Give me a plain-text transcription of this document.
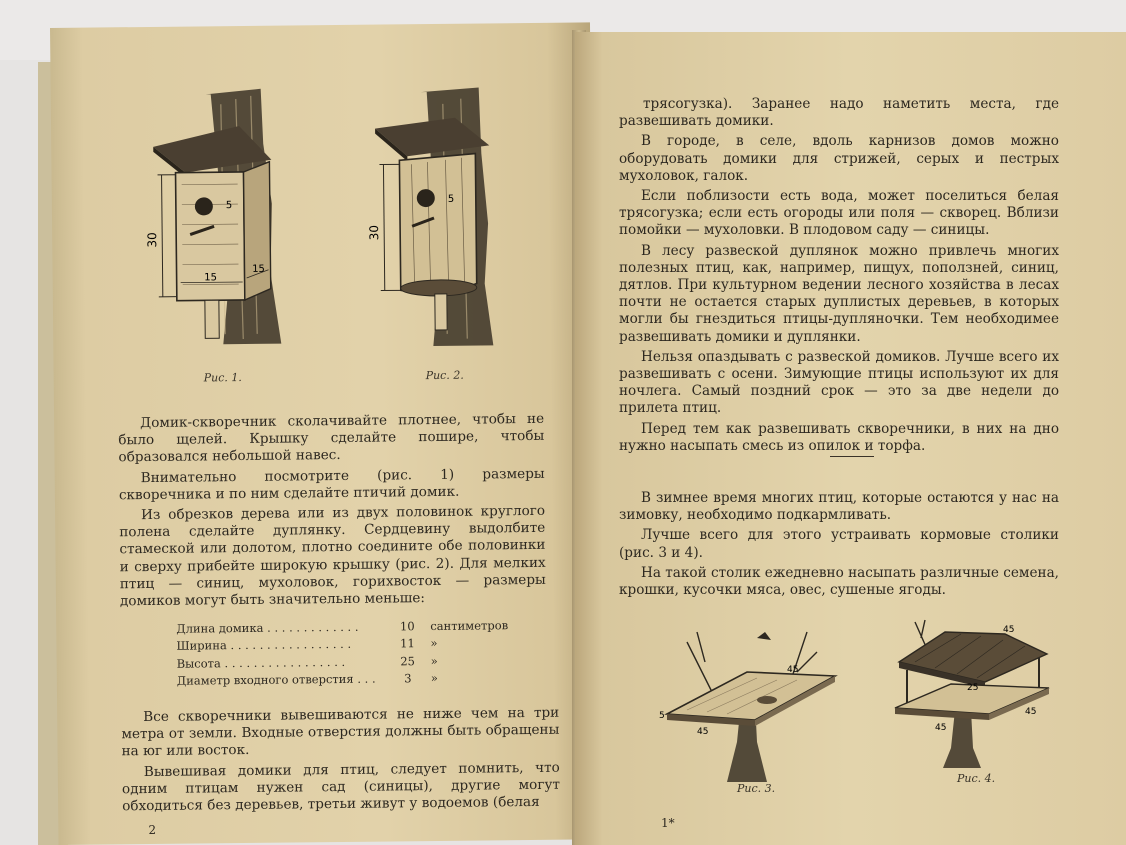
30
15
15
5
Рис. 1.
30
5
Рис. 2.

Домик-скворечник сколачивайте плотнее, чтобы не было щелей. Крышку сделайте пошире, чтобы образовался небольшой навес.

Внимательно посмотрите (рис. 1) размеры скворечника и по ним сделайте птичий домик.

Из обрезков дерева или из двух половинок круглого полена сделайте дуплянку. Сердцевину выдолбите стамеской или долотом, плотно соедините обе половинки и сверху прибейте широкую крышку (рис. 2). Для мелких птиц — синиц, мухоловок, горихвосток — размеры домиков могут быть значительно меньше:

Длина домика . . . . . . . . . . . . .	10	сантиметров
Ширина . . . . . . . . . . . . . . . . .	11	»
Высота . . . . . . . . . . . . . . . . .	25	»
Диаметр входного отверстия . . .	3	»

Все скворечники вывешиваются не ниже чем на три метра от земли. Входные отверстия должны быть обращены на юг или восток.

Вывешивая домики для птиц, следует помнить, что одним птицам нужен сад (синицы), другие могут обходиться без деревьев, третьи живут у водоемов (белая

2

трясогузка). Заранее надо наметить места, где развешивать домики.

В городе, в селе, вдоль карнизов домов можно оборудовать домики для стрижей, серых и пестрых мухоловок, галок.

Если поблизости есть вода, может поселиться белая трясогузка; если есть огороды или поля — скворец. Вблизи помойки — мухоловки. В плодовом саду — синицы.

В лесу развеской дуплянок можно привлечь многих полезных птиц, как, например, пищух, поползней, синиц, дятлов. При культурном ведении лесного хозяйства в лесах почти не остается старых дуплистых деревьев, в которых могли бы гнездиться птицы-дупляночки. Тем необходимее развешивать домики и дуплянки.

Нельзя опаздывать с развеской домиков. Лучше всего их развешивать с осени. Зимующие птицы используют их для ночлега. Самый поздний срок — это за две недели до прилета птиц.

Перед тем как развешивать скворечники, в них на дно нужно насыпать смесь из опилок и торфа.

В зимнее время многих птиц, которые остаются у нас на зимовку, необходимо подкармливать.

Лучше всего для этого устраивать кормовые столики (рис. 3 и 4).

На такой столик ежедневно насыпать различные семена, крошки, кусочки мяса, овес, сушеные ягоды.

45
5
45
Рис. 3.
25
45
45
45
Рис. 4.
1*
